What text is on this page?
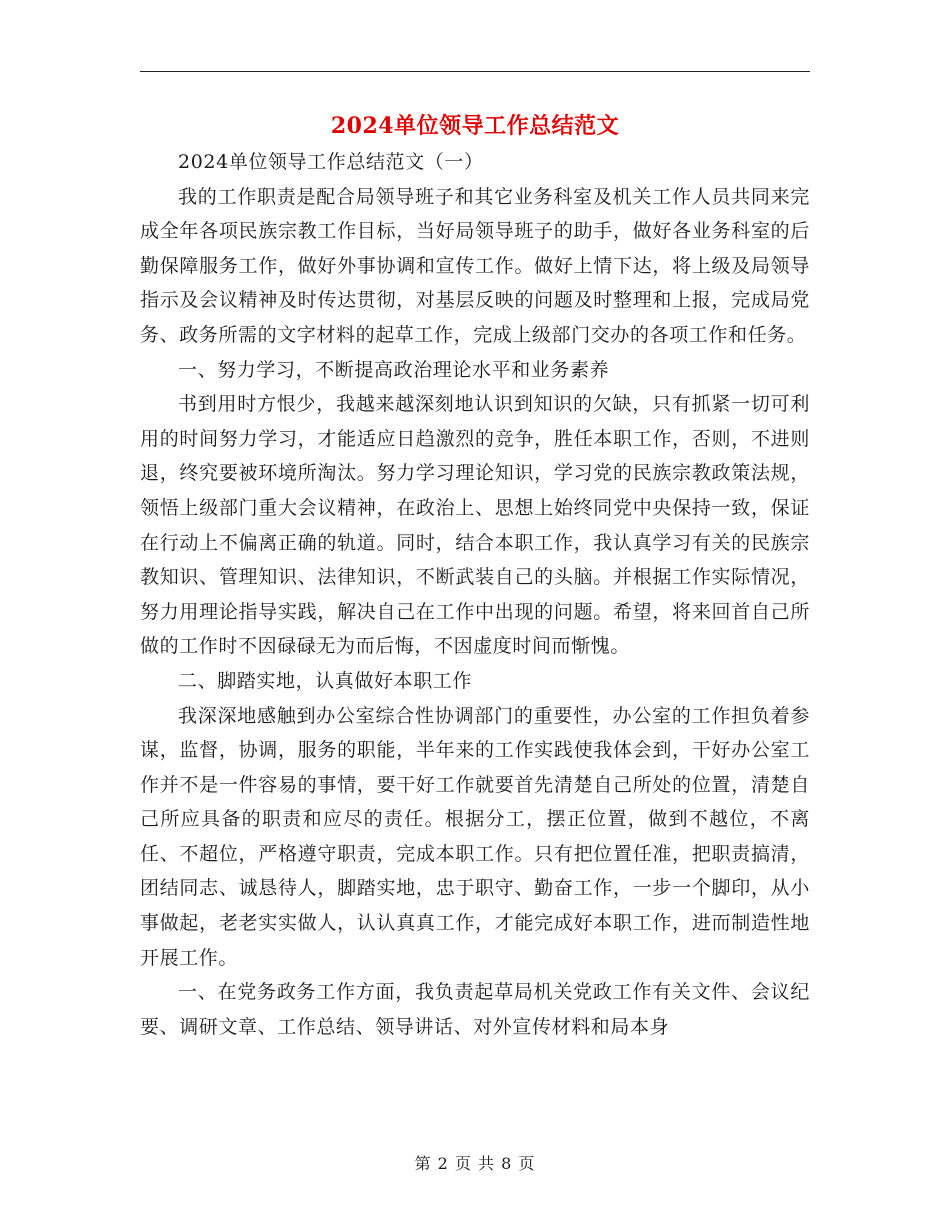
2024单位领导工作总结范文

2024单位领导工作总结范文（一）

我的工作职责是配合局领导班子和其它业务科室及机关工作人员共同来完成全年各项民族宗教工作目标，当好局领导班子的助手，做好各业务科室的后勤保障服务工作，做好外事协调和宣传工作。做好上情下达，将上级及局领导指示及会议精神及时传达贯彻，对基层反映的问题及时整理和上报，完成局党务、政务所需的文字材料的起草工作，完成上级部门交办的各项工作和任务。

一、努力学习，不断提高政治理论水平和业务素养

书到用时方恨少，我越来越深刻地认识到知识的欠缺，只有抓紧一切可利用的时间努力学习，才能适应日趋激烈的竞争，胜任本职工作，否则，不进则退，终究要被环境所淘汰。努力学习理论知识，学习党的民族宗教政策法规，领悟上级部门重大会议精神，在政治上、思想上始终同党中央保持一致，保证在行动上不偏离正确的轨道。同时，结合本职工作，我认真学习有关的民族宗教知识、管理知识、法律知识，不断武装自己的头脑。并根据工作实际情况，努力用理论指导实践，解决自己在工作中出现的问题。希望，将来回首自己所做的工作时不因碌碌无为而后悔，不因虚度时间而惭愧。

二、脚踏实地，认真做好本职工作

我深深地感触到办公室综合性协调部门的重要性，办公室的工作担负着参谋，监督，协调，服务的职能，半年来的工作实践使我体会到，干好办公室工作并不是一件容易的事情，要干好工作就要首先清楚自己所处的位置，清楚自己所应具备的职责和应尽的责任。根据分工，摆正位置，做到不越位，不离任、不超位，严格遵守职责，完成本职工作。只有把位置任准，把职责搞清，团结同志、诚恳待人，脚踏实地，忠于职守、勤奋工作，一步一个脚印，从小事做起，老老实实做人，认认真真工作，才能完成好本职工作，进而制造性地开展工作。

一、在党务政务工作方面，我负责起草局机关党政工作有关文件、会议纪要、调研文章、工作总结、领导讲话、对外宣传材料和局本身

第 2 页 共 8 页
